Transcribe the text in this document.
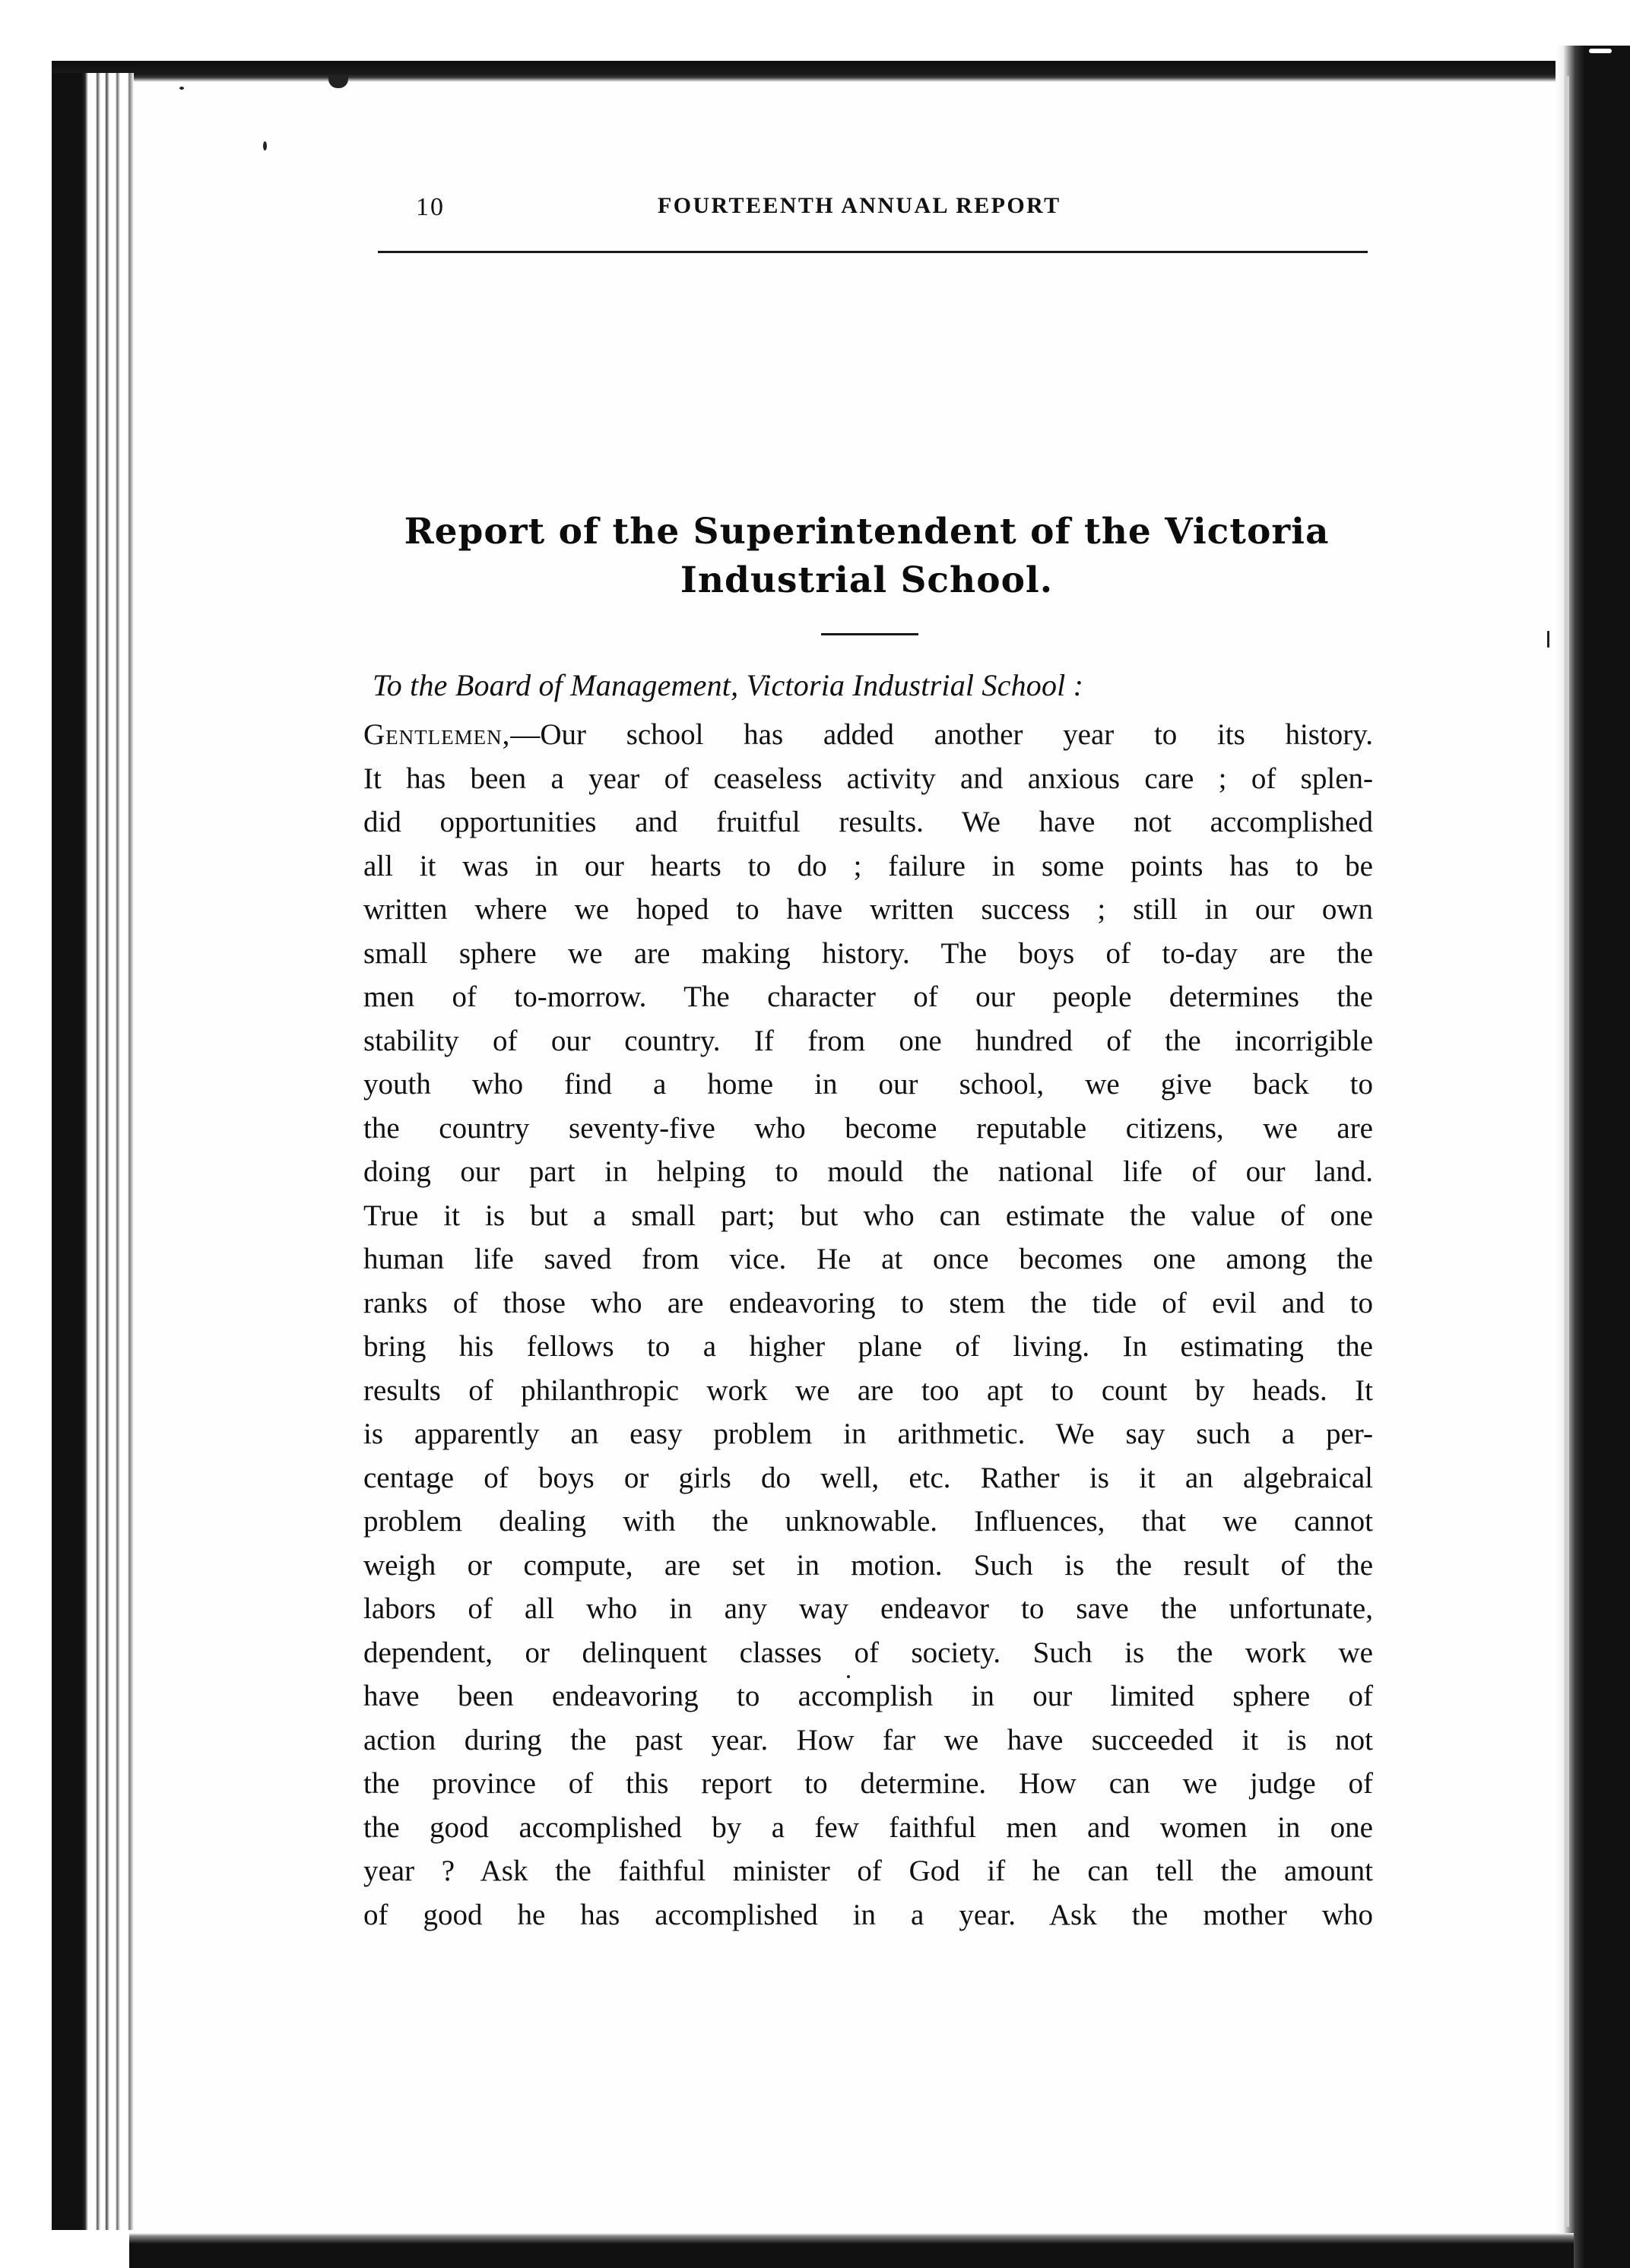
10	FOURTEENTH ANNUAL REPORT
Report of the Superintendent of the Victoria
Industrial School.
To the Board of Management, Victoria Industrial School :
Gentlemen,—Our school has added another year to its history.
It has been a year of ceaseless activity and anxious care ; of splen-
did opportunities and fruitful results. We have not accomplished
all it was in our hearts to do ; failure in some points has to be
written where we hoped to have written success ; still in our own
small sphere we are making history. The boys of to-day are the
men of to-morrow. The character of our people determines the
stability of our country. If from one hundred of the incorrigible
youth who find a home in our school, we give back to
the country seventy-five who become reputable citizens, we are
doing our part in helping to mould the national life of our land.
True it is but a small part; but who can estimate the value of one
human life saved from vice. He at once becomes one among the
ranks of those who are endeavoring to stem the tide of evil and to
bring his fellows to a higher plane of living. In estimating the
results of philanthropic work we are too apt to count by heads. It
is apparently an easy problem in arithmetic. We say such a per-
centage of boys or girls do well, etc. Rather is it an algebraical
problem dealing with the unknowable. Influences, that we cannot
weigh or compute, are set in motion. Such is the result of the
labors of all who in any way endeavor to save the unfortunate,
dependent, or delinquent classes of society. Such is the work we
have been endeavoring to accomplish in our limited sphere of
action during the past year. How far we have succeeded it is not
the province of this report to determine. How can we judge of
the good accomplished by a few faithful men and women in one
year ? Ask the faithful minister of God if he can tell the amount
of good he has accomplished in a year. Ask the mother who
